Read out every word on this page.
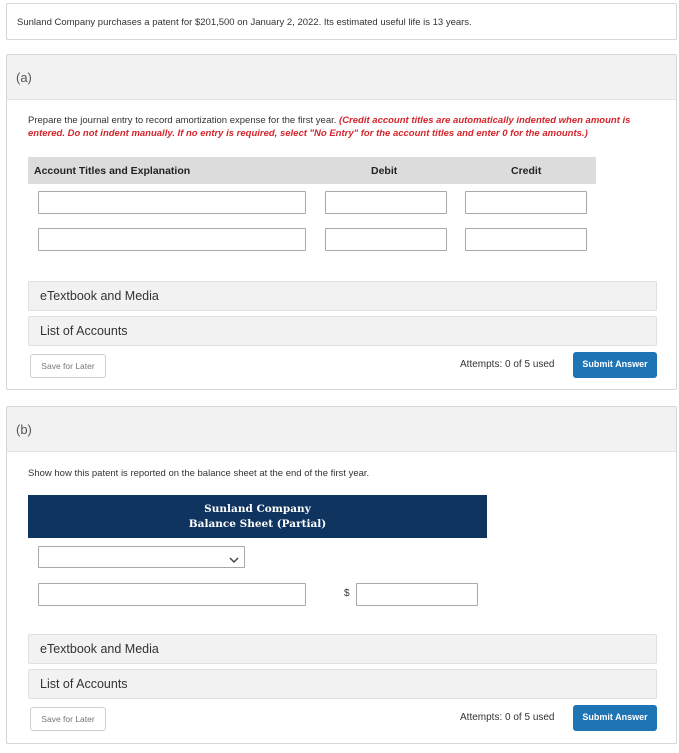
Sunland Company purchases a patent for $201,500 on January 2, 2022. Its estimated useful life is 13 years.
(a)
Prepare the journal entry to record amortization expense for the first year. (Credit account titles are automatically indented when amount is entered. Do not indent manually. If no entry is required, select "No Entry" for the account titles and enter 0 for the amounts.)
Account Titles and Explanation	Debit	Credit
eTextbook and Media
List of Accounts
Save for Later	Attempts: 0 of 5 used	Submit Answer
(b)
Show how this patent is reported on the balance sheet at the end of the first year.
Sunland Company
Balance Sheet (Partial)
$
eTextbook and Media
List of Accounts
Save for Later	Attempts: 0 of 5 used	Submit Answer
